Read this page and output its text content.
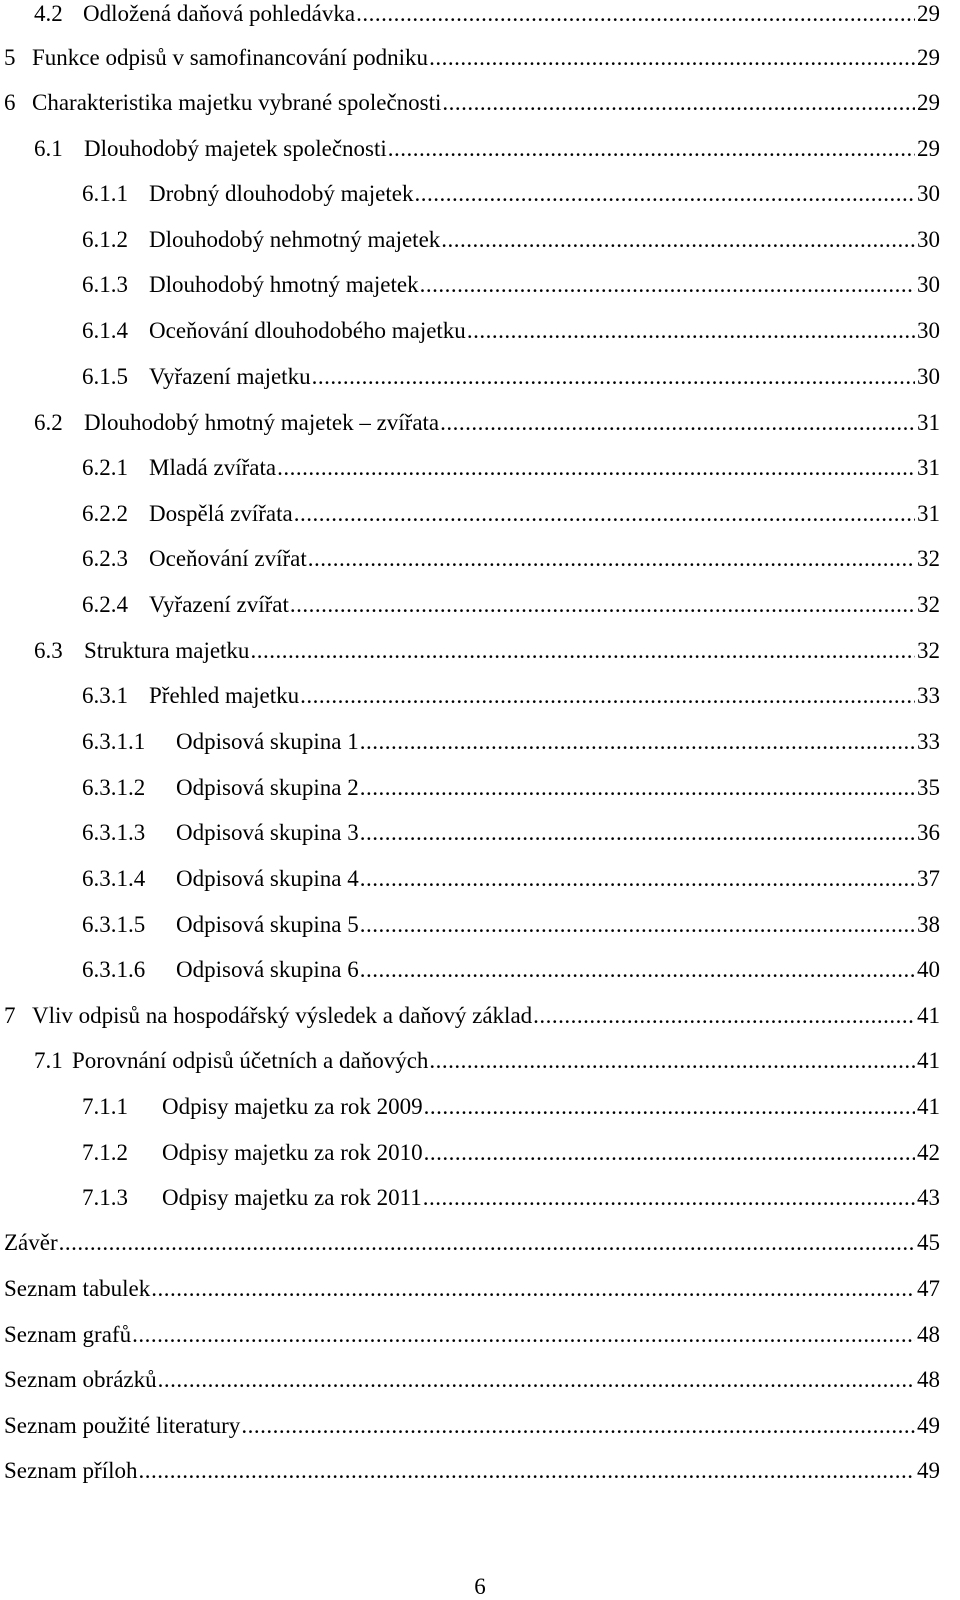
4.2 Odložená daňová pohledávka .....	29
5 Funkce odpisů v samofinancování podniku .....	29
6 Charakteristika majetku vybrané společnosti .....	29
6.1 Dlouhodobý majetek společnosti .....	29
6.1.1 Drobný dlouhodobý majetek .....	30
6.1.2 Dlouhodobý nehmotný majetek .....	30
6.1.3 Dlouhodobý hmotný majetek .....	30
6.1.4 Oceňování dlouhodobého majetku .....	30
6.1.5 Vyřazení majetku .....	30
6.2 Dlouhodobý hmotný majetek – zvířata .....	31
6.2.1 Mladá zvířata .....	31
6.2.2 Dospělá zvířata .....	31
6.2.3 Oceňování zvířat .....	32
6.2.4 Vyřazení zvířat .....	32
6.3 Struktura majetku .....	32
6.3.1 Přehled majetku .....	33
6.3.1.1	Odpisová skupina 1 .....	33
6.3.1.2	Odpisová skupina 2 .....	35
6.3.1.3	Odpisová skupina 3 .....	36
6.3.1.4	Odpisová skupina 4 .....	37
6.3.1.5	Odpisová skupina 5 .....	38
6.3.1.6	Odpisová skupina 6 .....	40
7 Vliv odpisů na hospodářský výsledek a daňový základ .....	41
7.1 Porovnání odpisů účetních a daňových .....	41
7.1.1	Odpisy majetku za rok 2009 .....	41
7.1.2	Odpisy majetku za rok 2010 .....	42
7.1.3	Odpisy majetku za rok 2011 .....	43
Závěr .....	45
Seznam tabulek .....	47
Seznam grafů .....	48
Seznam obrázků .....	48
Seznam použité literatury .....	49
Seznam příloh .....	49
6
